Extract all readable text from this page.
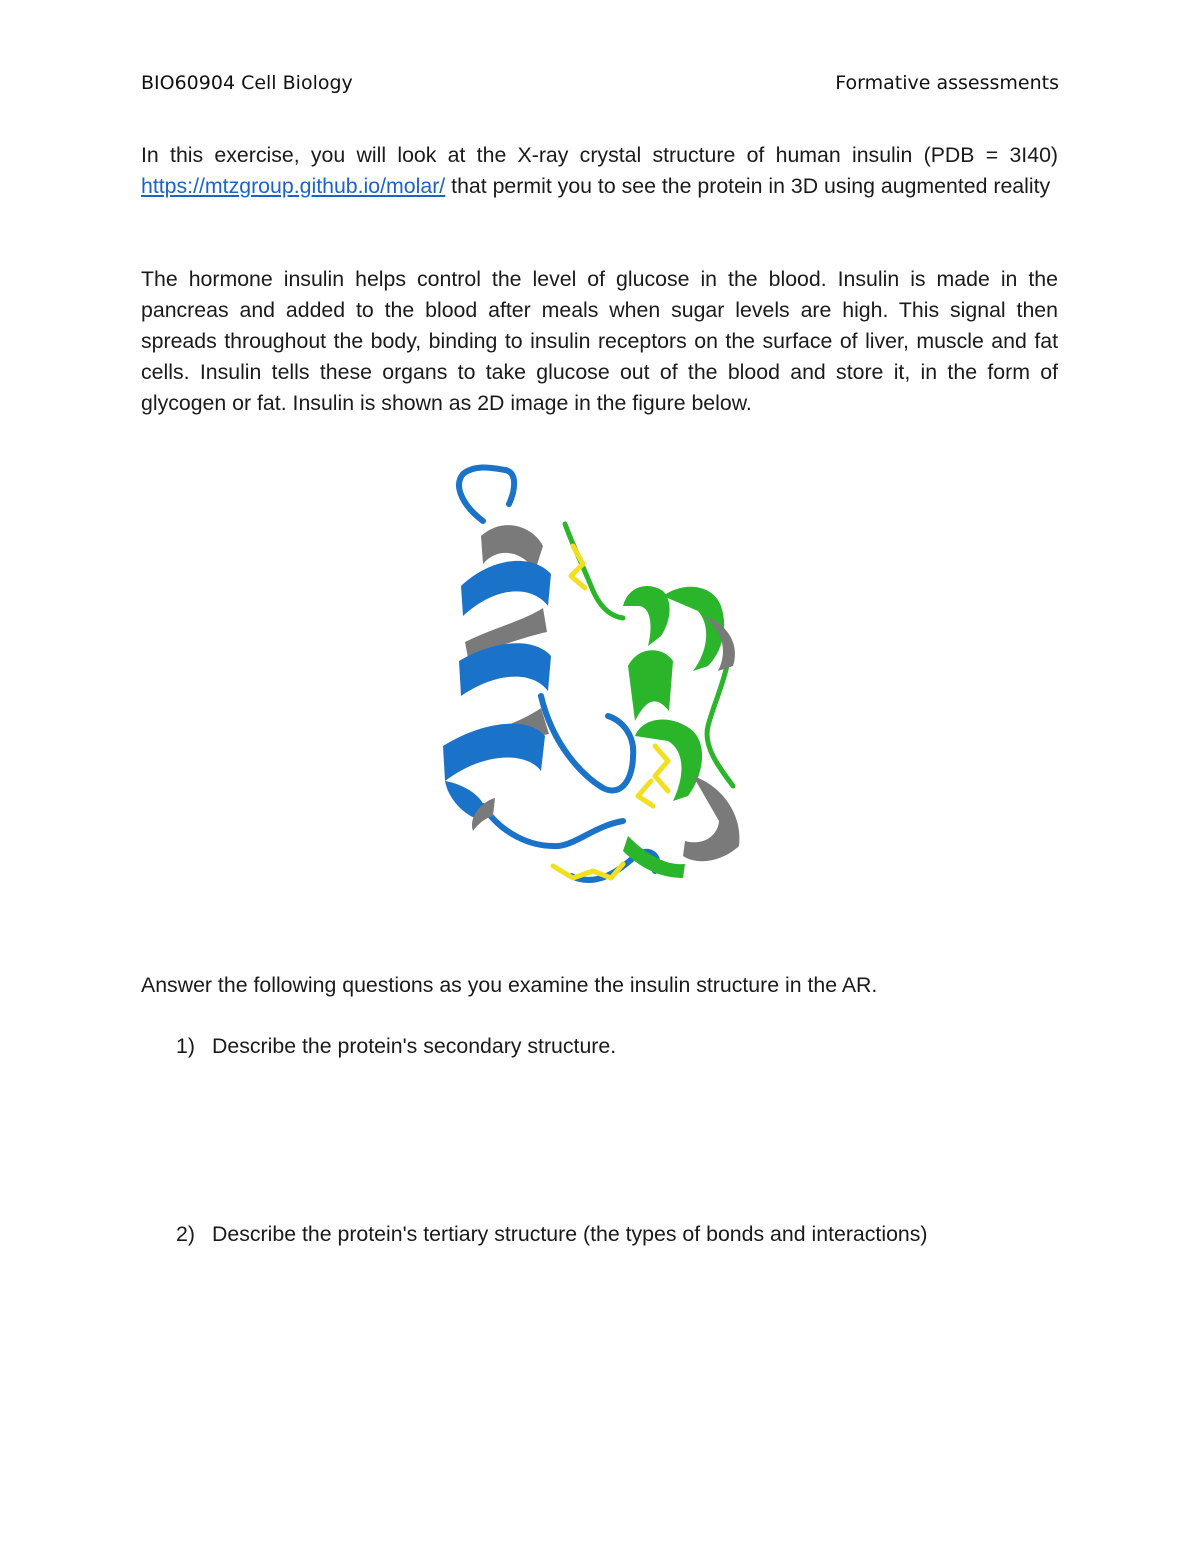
BIO60904 Cell Biology	Formative assessments
In this exercise, you will look at the X-ray crystal structure of human insulin (PDB = 3I40) https://mtzgroup.github.io/molar/ that permit you to see the protein in 3D using augmented reality
The hormone insulin helps control the level of glucose in the blood. Insulin is made in the pancreas and added to the blood after meals when sugar levels are high. This signal then spreads throughout the body, binding to insulin receptors on the surface of liver, muscle and fat cells. Insulin tells these organs to take glucose out of the blood and store it, in the form of glycogen or fat. Insulin is shown as 2D image in the figure below.
Answer the following questions as you examine the insulin structure in the AR.
1) Describe the protein's secondary structure.
2) Describe the protein's tertiary structure (the types of bonds and interactions)
